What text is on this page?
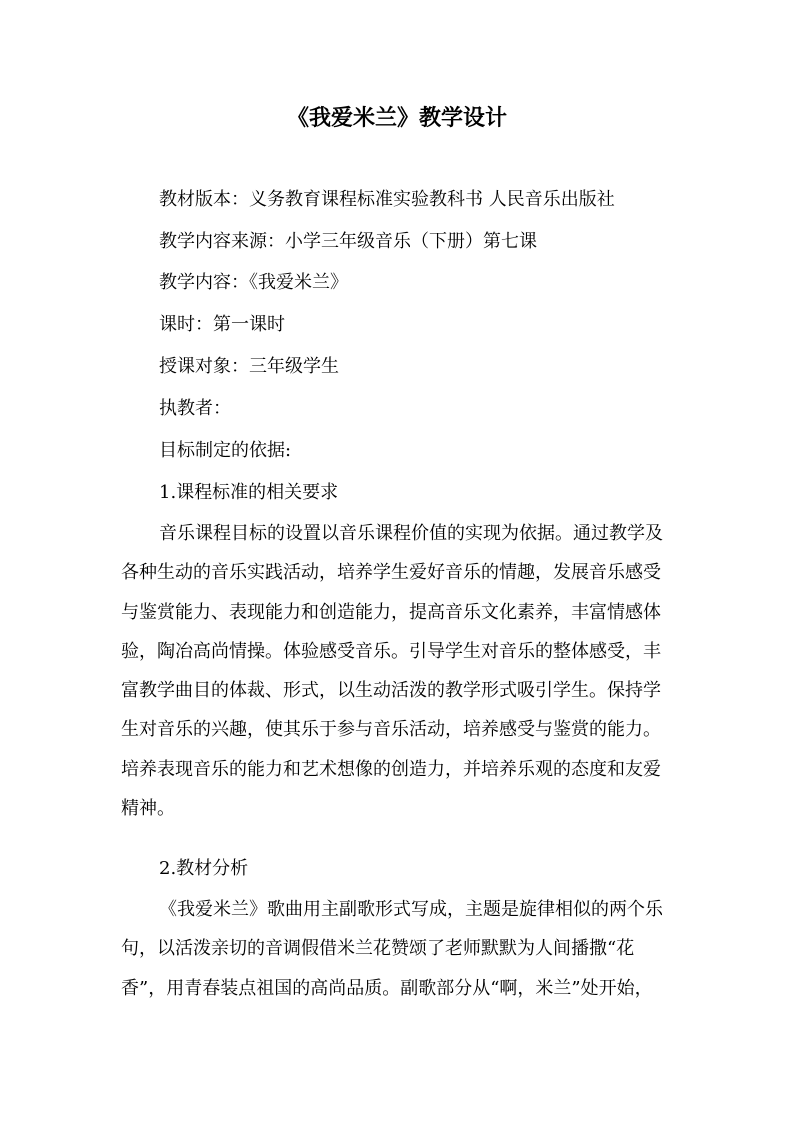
《我爱米兰》教学设计
教材版本：义务教育课程标准实验教科书 人民音乐出版社
教学内容来源：小学三年级音乐（下册）第七课
教学内容：《我爱米兰》
课时：第一课时
授课对象：三年级学生
执教者：
目标制定的依据:
1.课程标准的相关要求
音乐课程目标的设置以音乐课程价值的实现为依据。通过教学及
各种生动的音乐实践活动，培养学生爱好音乐的情趣，发展音乐感受
与鉴赏能力、表现能力和创造能力，提高音乐文化素养，丰富情感体
验，陶冶高尚情操。体验感受音乐。引导学生对音乐的整体感受，丰
富教学曲目的体裁、形式，以生动活泼的教学形式吸引学生。保持学
生对音乐的兴趣，使其乐于参与音乐活动，培养感受与鉴赏的能力。
培养表现音乐的能力和艺术想像的创造力，并培养乐观的态度和友爱
精神。
2.教材分析
《我爱米兰》歌曲用主副歌形式写成，主题是旋律相似的两个乐
句，以活泼亲切的音调假借米兰花赞颂了老师默默为人间播撒“花
香”，用青春装点祖国的高尚品质。副歌部分从“啊，米兰”处开始，
